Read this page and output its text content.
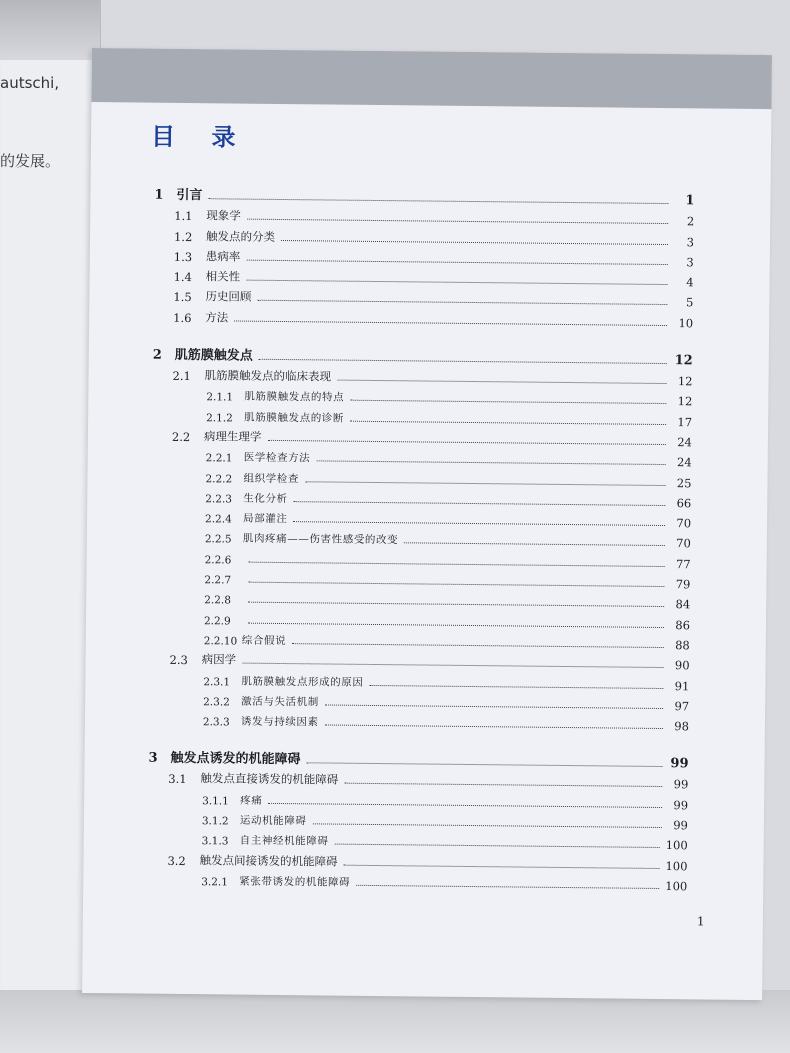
autschi,
的发展。
目 录
1 引言	1
1.1	现象学	2
1.2	触发点的分类	3
1.3	患病率	3
1.4	相关性	4
1.5	历史回顾	5
1.6	方法	10
2 肌筋膜触发点	12
2.1	肌筋膜触发点的临床表现	12
2.1.1	肌筋膜触发点的特点	12
2.1.2	肌筋膜触发点的诊断	17
2.2	病理生理学	24
2.2.1	医学检查方法	24
2.2.2	组织学检查	25
2.2.3	生化分析	66
2.2.4	局部灌注	70
2.2.5	肌肉疼痛——伤害性感受的改变	70
2.2.6	77
2.2.7	79
2.2.8	84
2.2.9	86
2.2.10 综合假说	88
2.3	病因学	90
2.3.1	肌筋膜触发点形成的原因	91
2.3.2	激活与失活机制	97
2.3.3	诱发与持续因素	98
3 触发点诱发的机能障碍	99
3.1	触发点直接诱发的机能障碍	99
3.1.1	疼痛	99
3.1.2	运动机能障碍	99
3.1.3	自主神经机能障碍	100
3.2	触发点间接诱发的机能障碍	100
3.2.1	紧张带诱发的机能障碍	100
1
